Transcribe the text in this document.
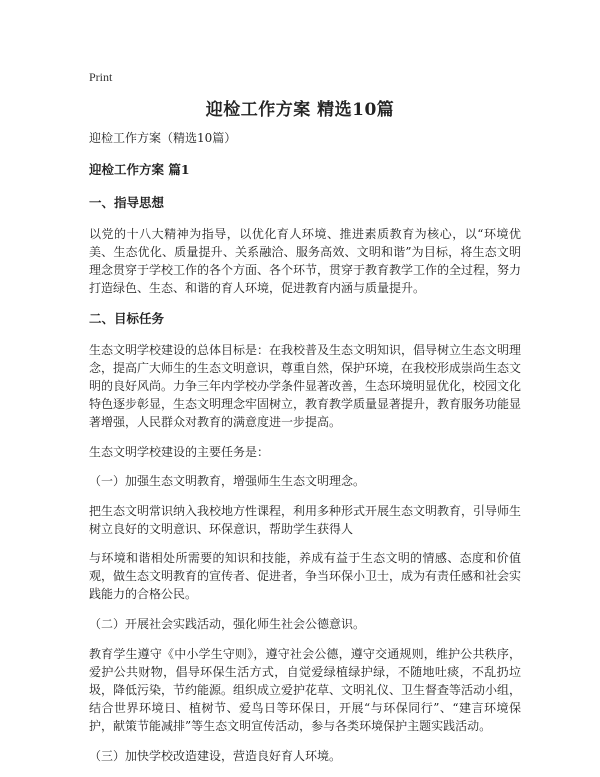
Print
迎检工作方案 精选10篇
迎检工作方案（精选10篇）
迎检工作方案 篇1
一、指导思想

以党的十八大精神为指导，以优化育人环境、推进素质教育为核心，以“环境优美、生态优化、质量提升、关系融洽、服务高效、文明和谐”为目标，将生态文明理念贯穿于学校工作的各个方面、各个环节，贯穿于教育教学工作的全过程，努力打造绿色、生态、和谐的育人环境，促进教育内涵与质量提升。

二、目标任务

生态文明学校建设的总体目标是：在我校普及生态文明知识，倡导树立生态文明理念，提高广大师生的生态文明意识，尊重自然，保护环境，在我校形成崇尚生态文明的良好风尚。力争三年内学校办学条件显著改善，生态环境明显优化，校园文化特色逐步彰显，生态文明理念牢固树立，教育教学质量显著提升，教育服务功能显著增强，人民群众对教育的满意度进一步提高。

生态文明学校建设的主要任务是：

（一）加强生态文明教育，增强师生生态文明理念。

把生态文明常识纳入我校地方性课程，利用多种形式开展生态文明教育，引导师生树立良好的文明意识、环保意识，帮助学生获得人

与环境和谐相处所需要的知识和技能，养成有益于生态文明的情感、态度和价值观，做生态文明教育的宣传者、促进者，争当环保小卫士，成为有责任感和社会实践能力的合格公民。

（二）开展社会实践活动，强化师生社会公德意识。

教育学生遵守《中小学生守则》，遵守社会公德，遵守交通规则，维护公共秩序，爱护公共财物，倡导环保生活方式，自觉爱绿植绿护绿，不随地吐痰，不乱扔垃圾，降低污染，节约能源。组织成立爱护花草、文明礼仪、卫生督查等活动小组，结合世界环境日、植树节、爱鸟日等环保日，开展“与环保同行”、“建言环境保护，献策节能减排”等生态文明宣传活动，参与各类环境保护主题实践活动。

（三）加快学校改造建设，营造良好育人环境。
